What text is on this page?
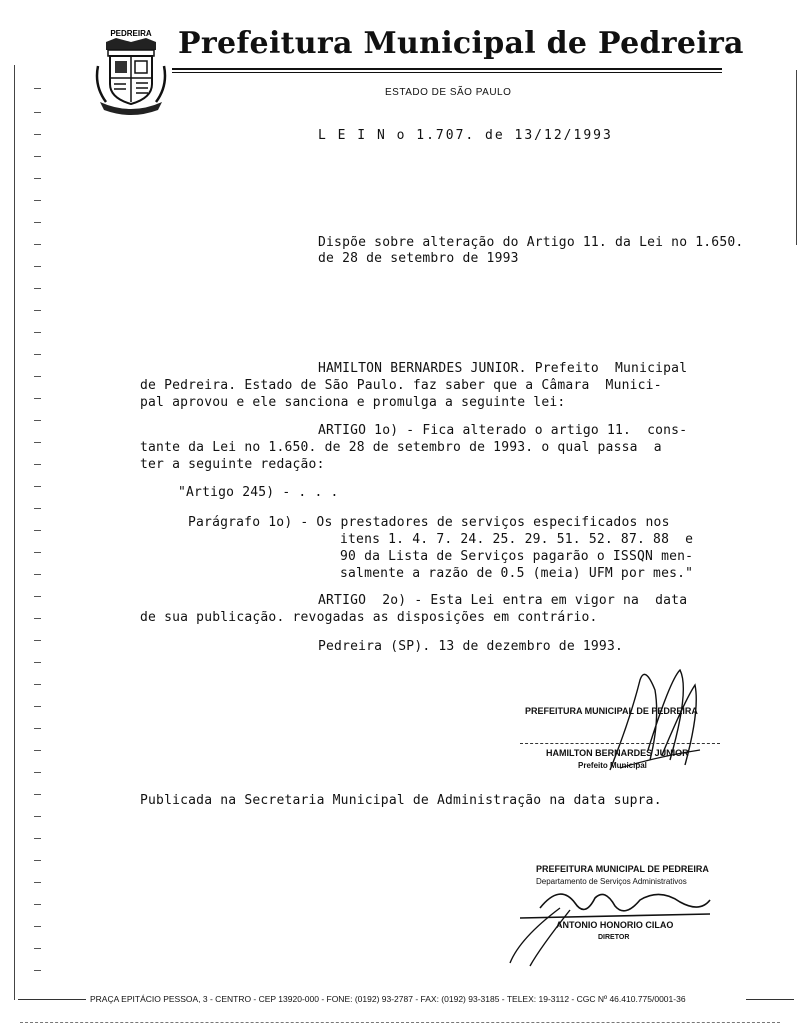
PEDREIRA Prefeitura Municipal de Pedreira
ESTADO DE SÃO PAULO
L E I N o 1.707. de 13/12/1993
Dispõe sobre alteração do Artigo 11. da Lei no 1.650. de 28 de setembro de 1993
HAMILTON BERNARDES JUNIOR. Prefeito  Municipal
de Pedreira. Estado de São Paulo. faz saber que a Câmara  Munici-
pal aprovou e ele sanciona e promulga a seguinte lei:
ARTIGO 1o) - Fica alterado o artigo 11.  cons-
tante da Lei no 1.650. de 28 de setembro de 1993. o qual passa  a
ter a seguinte redação:
"Artigo 245) - . . .
Parágrafo 1o) - Os prestadores de serviços especificados nos
itens 1. 4. 7. 24. 25. 29. 51. 52. 87. 88  e
90 da Lista de Serviços pagarão o ISSQN men-
salmente a razão de 0.5 (meia) UFM por mes."
ARTIGO  2o) - Esta Lei entra em vigor na  data
de sua publicação. revogadas as disposições em contrário.
Pedreira (SP). 13 de dezembro de 1993.
PREFEITURA MUNICIPAL DE PEDREIRA
HAMILTON BERNARDES JUNIOR
Prefeito Municipal
Publicada na Secretaria Municipal de Administração na data supra.
PREFEITURA MUNICIPAL DE PEDREIRA
Departamento de Serviços Administrativos
ANTONIO HONORIO CILAO
DIRETOR
PRAÇA EPITÁCIO PESSOA, 3 - CENTRO - CEP 13920-000 - FONE: (0192) 93-2787 - FAX: (0192) 93-3185 - TELEX: 19-3112 - CGC Nº 46.410.775/0001-36
